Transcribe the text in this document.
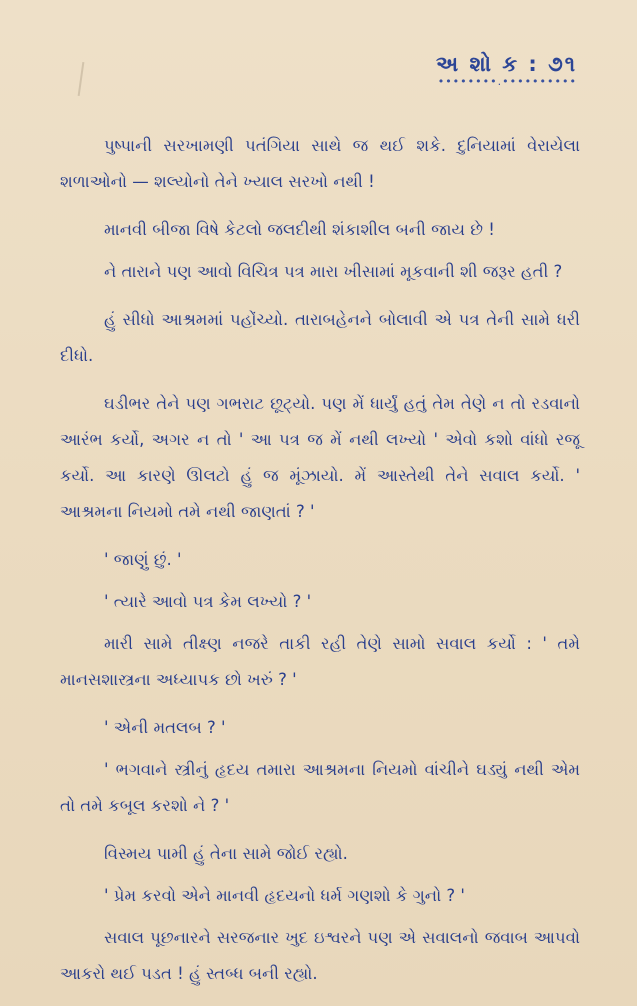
અ શો ક : ૭૧
••••••••.••••••••••

પુષ્પાની સરખામણી પતંગિયા સાથે જ થઈ શકે. દુનિયામાં વેરાયેલા શળાઓનો — શલ્યોનો તેને ખ્યાલ સરખો નથી !

માનવી બીજા વિષે કેટલો જલદીથી શંકાશીલ બની જાય છે !

ને તારાને પણ આવો વિચિત્ર પત્ર મારા ખીસામાં મૂકવાની શી જરૂર હતી ?

હું સીધો આશ્રમમાં પહોંચ્યો. તારાબહેનને બોલાવી એ પત્ર તેની સામે ધરી દીધો.

ઘડીભર તેને પણ ગભરાટ છૂટ્યો. પણ મેં ધાર્યું હતું તેમ તેણે ન તો રડવાનો આરંભ કર્યો, અગર ન તો ' આ પત્ર જ મેં નથી લખ્યો ' એવો કશો વાંધો રજૂ કર્યો. આ કારણે ઊલટો હું જ મૂંઝાયો. મેં આસ્તેથી તેને સવાલ કર્યો. ' આશ્રમના નિયમો તમે નથી જાણતાં ? '

' જાણું છું. '

' ત્યારે આવો પત્ર કેમ લખ્યો ? '

મારી સામે તીક્ષ્ણ નજરે તાકી રહી તેણે સામો સવાલ કર્યો : ' તમે માનસશાસ્ત્રના અધ્યાપક છો ખરું ? '

' એની મતલબ ? '

' ભગવાને સ્ત્રીનું હૃદય તમારા આશ્રમના નિયમો વાંચીને ઘડ્યું નથી એમ તો તમે કબૂલ કરશો ને ? '

વિસ્મય પામી હું તેના સામે જોઈ રહ્યો.

' પ્રેમ કરવો એને માનવી હૃદયનો ધર્મ ગણશો કે ગુનો ? '

સવાલ પૂછનારને સરજનાર ખુદ ઇશ્વરને પણ એ સવાલનો જવાબ આપવો આકરો થઈ પડત ! હું સ્તબ્ધ બની રહ્યો.
